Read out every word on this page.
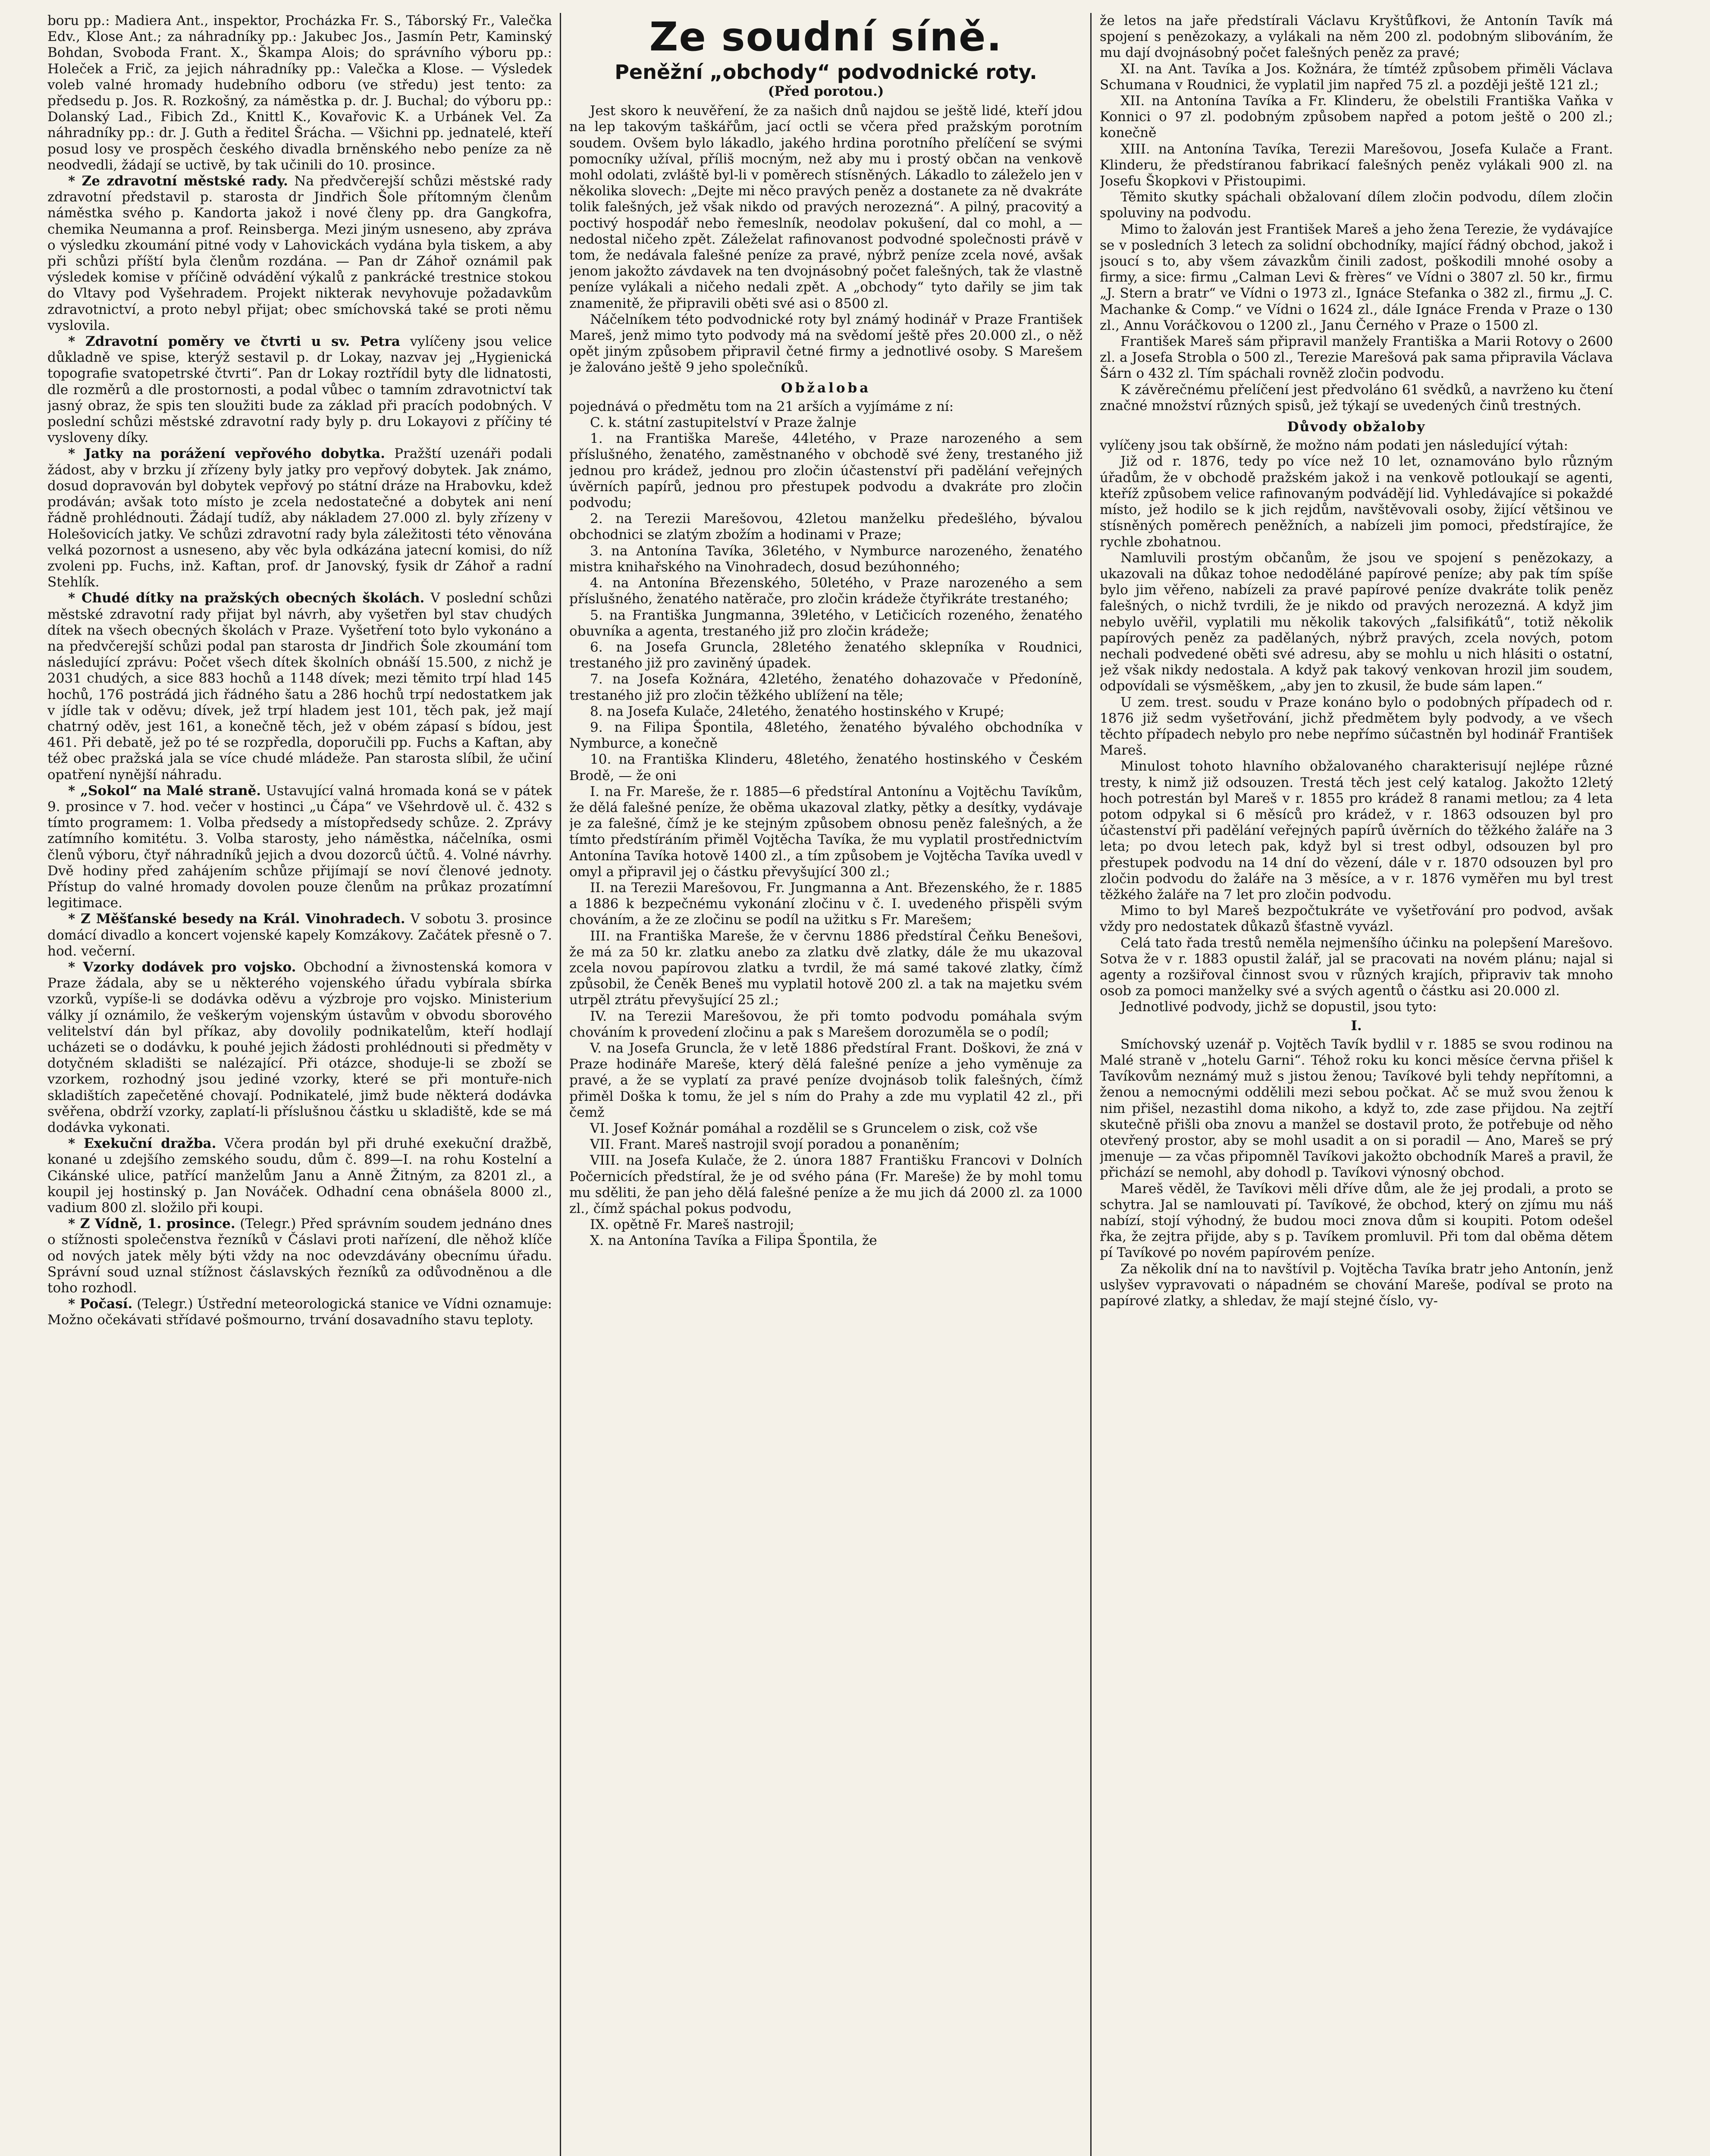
boru pp.: Madiera Ant., inspektor, Procházka Fr. S., Táborský Fr., Valečka Edv., Klose Ant.; za náhradníky pp.: Jakubec Jos., Jasmín Petr, Kaminský Bohdan, Svoboda Frant. X., Škampa Alois; do správního výboru pp.: Holeček a Frič, za jejich náhradníky pp.: Valečka a Klose. — Výsledek voleb valné hromady hudebního odboru (ve středu) jest tento: za předsedu p. Jos. R. Rozkošný, za náměstka p. dr. J. Buchal; do výboru pp.: Dolanský Lad., Fibich Zd., Knittl K., Kovařovic K. a Urbánek Vel. Za náhradníky pp.: dr. J. Guth a ředitel Šrácha. — Všichni pp. jednatelé, kteří posud losy ve prospěch českého divadla brněnského nebo peníze za ně neodvedli, žádají se uctivě, by tak učinili do 10. prosince.

* Ze zdravotní městské rady. Na předvčerejší schůzi městské rady zdravotní představil p. starosta dr Jindřich Šole přítomným členům náměstka svého p. Kandorta jakož i nové členy pp. dra Gangkofra, chemika Neumanna a prof. Reinsberga. Mezi jiným usneseno, aby zpráva o výsledku zkoumání pitné vody v Lahovickách vydána byla tiskem, a aby při schůzi příští byla členům rozdána. — Pan dr Záhoř oznámil pak výsledek komise v příčině odvádění výkalů z pankrácké trestnice stokou do Vltavy pod Vyšehradem. Projekt nikterak nevyhovuje požadavkům zdravotnictví, a proto nebyl přijat; obec smíchovská také se proti němu vyslovila.

* Zdravotní poměry ve čtvrti u sv. Petra vylíčeny jsou velice důkladně ve spise, kterýž sestavil p. dr Lokay, nazvav jej „Hygienická topografie svatopetrské čtvrti“. Pan dr Lokay roztřídil byty dle lidnatosti, dle rozměrů a dle prostornosti, a podal vůbec o tamním zdravotnictví tak jasný obraz, že spis ten sloužiti bude za základ při pracích podobných. V poslední schůzi městské zdravotní rady byly p. dru Lokayovi z příčiny té vysloveny díky.

* Jatky na porážení vepřového dobytka. Pražští uzenáři podali žádost, aby v brzku jí zřízeny byly jatky pro vepřový dobytek. Jak známo, dosud dopravován byl dobytek vepřový po státní dráze na Hrabovku, kdež prodáván; avšak toto místo je zcela nedostatečné a dobytek ani není řádně prohlédnouti. Žádají tudíž, aby nákladem 27.000 zl. byly zřízeny v Holešovicích jatky. Ve schůzi zdravotní rady byla záležitosti této věnována velká pozornost a usneseno, aby věc byla odkázána jatecní komisi, do níž zvoleni pp. Fuchs, inž. Kaftan, prof. dr Janovský, fysik dr Záhoř a radní Stehlík.

* Chudé dítky na pražských obecných školách. V poslední schůzi městské zdravotní rady přijat byl návrh, aby vyšetřen byl stav chudých dítek na všech obecných školách v Praze. Vyšetření toto bylo vykonáno a na předvčerejší schůzi podal pan starosta dr Jindřich Šole zkoumání tom následující zprávu: Počet všech dítek školních obnáší 15.500, z nichž je 2031 chudých, a sice 883 hochů a 1148 dívek; mezi těmito trpí hlad 145 hochů, 176 postrádá jich řádného šatu a 286 hochů trpí nedostatkem jak v jídle tak v oděvu; dívek, jež trpí hladem jest 101, těch pak, jež mají chatrný oděv, jest 161, a konečně těch, jež v obém zápasí s bídou, jest 461. Při debatě, jež po té se rozpředla, doporučili pp. Fuchs a Kaftan, aby též obec pražská jala se více chudé mládeže. Pan starosta slíbil, že učiní opatření nynější náhradu.

* „Sokol“ na Malé straně. Ustavující valná hromada koná se v pátek 9. prosince v 7. hod. večer v hostinci „u Čápa“ ve Všehrdově ul. č. 432 s tímto programem: 1. Volba předsedy a místopředsedy schůze. 2. Zprávy zatímního komitétu. 3. Volba starosty, jeho náměstka, náčelníka, osmi členů výboru, čtyř náhradníků jejich a dvou dozorců účtů. 4. Volné návrhy. Dvě hodiny před zahájením schůze přijímají se noví členové jednoty. Přístup do valné hromady dovolen pouze členům na průkaz prozatímní legitimace.

* Z Měšťanské besedy na Král. Vinohradech. V sobotu 3. prosince domácí divadlo a koncert vojenské kapely Komzákovy. Začátek přesně o 7. hod. večerní.

* Vzorky dodávek pro vojsko. Obchodní a živnostenská komora v Praze žádala, aby se u některého vojenského úřadu vybírala sbírka vzorků, vypíše-li se dodávka oděvu a výzbroje pro vojsko. Ministerium války jí oznámilo, že veškerým vojenským ústavům v obvodu sborového velitelství dán byl příkaz, aby dovolily podnikatelům, kteří hodlají ucházeti se o dodávku, k pouhé jejich žádosti prohlédnouti si předměty v dotyčném skladišti se nalézající. Při otázce, shoduje-li se zboží se vzorkem, rozhodný jsou jediné vzorky, které se při montuře-nich skladištích zapečetěné chovají. Podnikatelé, jimž bude některá dodávka svěřena, obdrží vzorky, zaplatí-li příslušnou částku u skladiště, kde se má dodávka vykonati.

* Exekuční dražba. Včera prodán byl při druhé exekuční dražbě, konané u zdejšího zemského soudu, dům č. 899—I. na rohu Kostelní a Cikánské ulice, patřící manželům Janu a Anně Žitným, za 8201 zl., a koupil jej hostinský p. Jan Nováček. Odhadní cena obnášela 8000 zl., vadium 800 zl. složilo při koupi.

* Z Vídně, 1. prosince. (Telegr.) Před správním soudem jednáno dnes o stížnosti společenstva řezníků v Čáslavi proti nařízení, dle něhož klíče od nových jatek měly býti vždy na noc odevzdávány obecnímu úřadu. Správní soud uznal stížnost čáslavských řezníků za odůvodněnou a dle toho rozhodl.

* Počasí. (Telegr.) Ústřední meteorologická stanice ve Vídni oznamuje: Možno očekávati střídavé pošmourno, trvání dosavadního stavu teploty.

Ze soudní síně.
Peněžní „obchody“ podvodnické roty.
(Před porotou.)

Jest skoro k neuvěření, že za našich dnů najdou se ještě lidé, kteří jdou na lep takovým taškářům, jací octli se včera před pražským porotním soudem. Ovšem bylo lákadlo, jakého hrdina porotního přelíčení se svými pomocníky užíval, příliš mocným, než aby mu i prostý občan na venkově mohl odolati, zvláště byl-li v poměrech stísněných. Lákadlo to záleželo jen v několika slovech: „Dejte mi něco pravých peněz a dostanete za ně dvakráte tolik falešných, jež však nikdo od pravých nerozezná“. A pilný, pracovitý a poctivý hospodář nebo řemeslník, neodolav pokušení, dal co mohl, a — nedostal ničeho zpět. Záleželat rafinovanost podvodné společnosti právě v tom, že nedávala falešné peníze za pravé, nýbrž peníze zcela nové, avšak jenom jakožto závdavek na ten dvojnásobný počet falešných, tak že vlastně peníze vylákali a ničeho nedali zpět. A „obchody“ tyto dařily se jim tak znamenitě, že připravili oběti své asi o 8500 zl.

Náčelníkem této podvodnické roty byl známý hodinář v Praze František Mareš, jenž mimo tyto podvody má na svědomí ještě přes 20.000 zl., o něž opět jiným způsobem připravil četné firmy a jednotlivé osoby. S Marešem je žalováno ještě 9 jeho společníků.

Obžaloba

pojednává o předmětu tom na 21 arších a vyjímáme z ní:

C. k. státní zastupitelství v Praze žalnje

1. na Františka Mareše, 44letého, v Praze narozeného a sem příslušného, ženatého, zaměstnaného v obchodě své ženy, trestaného již jednou pro krádež, jednou pro zločin účastenství při padělání veřejných úvěrních papírů, jednou pro přestupek podvodu a dvakráte pro zločin podvodu;

2. na Terezii Marešovou, 42letou manželku předešlého, bývalou obchodnici se zlatým zbožím a hodinami v Praze;

3. na Antonína Tavíka, 36letého, v Nymburce narozeného, ženatého mistra knihařského na Vinohradech, dosud bezúhonného;

4. na Antonína Březenského, 50letého, v Praze narozeného a sem příslušného, ženatého natěrače, pro zločin krádeže čtyřikráte trestaného;

5. na Františka Jungmanna, 39letého, v Letičicích rozeného, ženatého obuvníka a agenta, trestaného již pro zločin krádeže;

6. na Josefa Gruncla, 28letého ženatého sklepníka v Roudnici, trestaného již pro zaviněný úpadek.

7. na Josefa Kožnára, 42letého, ženatého dohazovače v Předoníně, trestaného již pro zločin těžkého ublížení na těle;

8. na Josefa Kulače, 24letého, ženatého hostinského v Krupé;

9. na Filipa Špontila, 48letého, ženatého bývalého obchodníka v Nymburce, a konečně

10. na Františka Klinderu, 48letého, ženatého hostinského v Českém Brodě, — že oni

I. na Fr. Mareše, že r. 1885—6 předstíral Antonínu a Vojtěchu Tavíkům, že dělá falešné peníze, že oběma ukazoval zlatky, pětky a desítky, vydávaje je za falešné, čímž je ke stejným způsobem obnosu peněz falešných, a že tímto předstíráním přiměl Vojtěcha Tavíka, že mu vyplatil prostřednictvím Antonína Tavíka hotově 1400 zl., a tím způsobem je Vojtěcha Tavíka uvedl v omyl a připravil jej o částku převyšující 300 zl.;

II. na Terezii Marešovou, Fr. Jungmanna a Ant. Březenského, že r. 1885 a 1886 k bezpečnému vykonání zločinu v č. I. uvedeného přispěli svým chováním, a že ze zločinu se podíl na užitku s Fr. Marešem;

III. na Františka Mareše, že v červnu 1886 předstíral Čeňku Benešovi, že má za 50 kr. zlatku anebo za zlatku dvě zlatky, dále že mu ukazoval zcela novou papírovou zlatku a tvrdil, že má samé takové zlatky, čímž způsobil, že Čeněk Beneš mu vyplatil hotově 200 zl. a tak na majetku svém utrpěl ztrátu převyšující 25 zl.;

IV. na Terezii Marešovou, že při tomto podvodu pomáhala svým chováním k provedení zločinu a pak s Marešem dorozuměla se o podíl;

V. na Josefa Gruncla, že v letě 1886 předstíral Frant. Doškovi, že zná v Praze hodináře Mareše, který dělá falešné peníze a jeho vyměnuje za pravé, a že se vyplatí za pravé peníze dvojnásob tolik falešných, čímž přiměl Doška k tomu, že jel s ním do Prahy a zde mu vyplatil 42 zl., při čemž

VI. Josef Kožnár pomáhal a rozdělil se s Gruncelem o zisk, což vše

VII. Frant. Mareš nastrojil svojí poradou a ponaněním;

VIII. na Josefa Kulače, že 2. února 1887 Františku Francovi v Dolních Počernicích předstíral, že je od svého pána (Fr. Mareše) že by mohl tomu mu sděliti, že pan jeho dělá falešné peníze a že mu jich dá 2000 zl. za 1000 zl., čímž spáchal pokus podvodu,

IX. opětně Fr. Mareš nastrojil;

X. na Antonína Tavíka a Filipa Špontila, že

že letos na jaře předstírali Václavu Kryštůfkovi, že Antonín Tavík má spojení s penězokazy, a vylákali na něm 200 zl. podobným slibováním, že mu dají dvojnásobný počet falešných peněz za pravé;

XI. na Ant. Tavíka a Jos. Kožnára, že tímtéž způsobem přiměli Václava Schumana v Roudnici, že vyplatil jim napřed 75 zl. a později ještě 121 zl.;

XII. na Antonína Tavíka a Fr. Klinderu, že obelstili Františka Vaňka v Konnici o 97 zl. podobným způsobem napřed a potom ještě o 200 zl.; konečně

XIII. na Antonína Tavíka, Terezii Marešovou, Josefa Kulače a Frant. Klinderu, že předstíranou fabrikací falešných peněz vylákali 900 zl. na Josefu Škopkovi v Přistoupimi.

Těmito skutky spáchali obžalovaní dílem zločin podvodu, dílem zločin spoluviny na podvodu.

Mimo to žalován jest František Mareš a jeho žena Terezie, že vydávajíce se v posledních 3 letech za solidní obchodníky, mající řádný obchod, jakož i jsoucí s to, aby všem závazkům činili zadost, poškodili mnohé osoby a firmy, a sice: firmu „Calman Levi & frères“ ve Vídni o 3807 zl. 50 kr., firmu „J. Stern a bratr“ ve Vídni o 1973 zl., Ignáce Stefanka o 382 zl., firmu „J. C. Machanke & Comp.“ ve Vídni o 1624 zl., dále Ignáce Frenda v Praze o 130 zl., Annu Voráčkovou o 1200 zl., Janu Černého v Praze o 1500 zl.

František Mareš sám připravil manžely Františka a Marii Rotovy o 2600 zl. a Josefa Strobla o 500 zl., Terezie Marešová pak sama připravila Václava Šárn o 432 zl. Tím spáchali rovněž zločin podvodu.

K závěrečnému přelíčení jest předvoláno 61 svědků, a navrženo ku čtení značné množství různých spisů, jež týkají se uvedených činů trestných.

Důvody obžaloby

vylíčeny jsou tak obšírně, že možno nám podati jen následující výtah:

Již od r. 1876, tedy po více než 10 let, oznamováno bylo různým úřadům, že v obchodě pražském jakož i na venkově potloukají se agenti, kteříž způsobem velice rafinovaným podvádějí lid. Vyhledávajíce si pokaždé místo, jež hodilo se k jich rejdům, navštěvovali osoby, žijící většinou ve stísněných poměrech peněžních, a nabízeli jim pomoci, předstírajíce, že rychle zbohatnou.

Namluvili prostým občanům, že jsou ve spojení s penězokazy, a ukazovali na důkaz tohoe nedoděláné papírové peníze; aby pak tím spíše bylo jim věřeno, nabízeli za pravé papírové peníze dvakráte tolik peněz falešných, o nichž tvrdili, že je nikdo od pravých nerozezná. A když jim nebylo uvěřil, vyplatili mu několik takových „falsifikátů“, totiž několik papírových peněz za padělaných, nýbrž pravých, zcela nových, potom nechali podvedené oběti své adresu, aby se mohlu u nich hlásiti o ostatní, jež však nikdy nedostala. A když pak takový venkovan hrozil jim soudem, odpovídali se výsměškem, „aby jen to zkusil, že bude sám lapen.“

U zem. trest. soudu v Praze konáno bylo o podobných případech od r. 1876 již sedm vyšetřování, jichž předmětem byly podvody, a ve všech těchto případech nebylo pro nebe nepřímo súčastněn byl hodinář František Mareš.

Minulost tohoto hlavního obžalovaného charakterisují nejlépe různé tresty, k nimž již odsouzen. Trestá těch jest celý katalog. Jakožto 12letý hoch potrestán byl Mareš v r. 1855 pro krádež 8 ranami metlou; za 4 leta potom odpykal si 6 měsíců pro krádež, v r. 1863 odsouzen byl pro účastenství při padělání veřejných papírů úvěrních do těžkého žaláře na 3 leta; po dvou letech pak, když byl si trest odbyl, odsouzen byl pro přestupek podvodu na 14 dní do vězení, dále v r. 1870 odsouzen byl pro zločin podvodu do žaláře na 3 měsíce, a v r. 1876 vyměřen mu byl trest těžkého žaláře na 7 let pro zločin podvodu.

Mimo to byl Mareš bezpočtukráte ve vyšetřování pro podvod, avšak vždy pro nedostatek důkazů šťastně vyvázl.

Celá tato řada trestů neměla nejmenšího účinku na polepšení Marešovo. Sotva že v r. 1883 opustil žalář, jal se pracovati na novém plánu; najal si agenty a rozšiřoval činnost svou v různých krajích, připraviv tak mnoho osob za pomoci manželky své a svých agentů o částku asi 20.000 zl.

Jednotlivé podvody, jichž se dopustil, jsou tyto:

I.

Smíchovský uzenář p. Vojtěch Tavík bydlil v r. 1885 se svou rodinou na Malé straně v „hotelu Garni“. Téhož roku ku konci měsíce června přišel k Tavíkovům neznámý muž s jistou ženou; Tavíkové byli tehdy nepřítomni, a ženou a nemocnými oddělili mezi sebou počkat. Ač se muž svou ženou k nim přišel, nezastihl doma nikoho, a když to, zde zase přijdou. Na zejtří skutečně přišli oba znovu a manžel se dostavil proto, že potřebuje od něho otevřený prostor, aby se mohl usadit a on si poradil — Ano, Mareš se prý jmenuje — za včas připomněl Tavíkovi jakožto obchodník Mareš a pravil, že přichází se nemohl, aby dohodl p. Tavíkovi výnosný obchod.

Mareš věděl, že Tavíkovi měli dříve dům, ale že jej prodali, a proto se schytra. Jal se namlouvati pí. Tavíkové, že obchod, který on zjímu mu náš nabízí, stojí výhodný, že budou moci znova dům si koupiti. Potom odešel řka, že zejtra přijde, aby s p. Tavíkem promluvil. Při tom dal oběma dětem pí Tavíkové po novém papírovém peníze.

Za několik dní na to navštívil p. Vojtěcha Tavíka bratr jeho Antonín, jenž uslyšev vypravovati o nápadném se chování Mareše, podíval se proto na papírové zlatky, a shledav, že mají stejné číslo, vy-
